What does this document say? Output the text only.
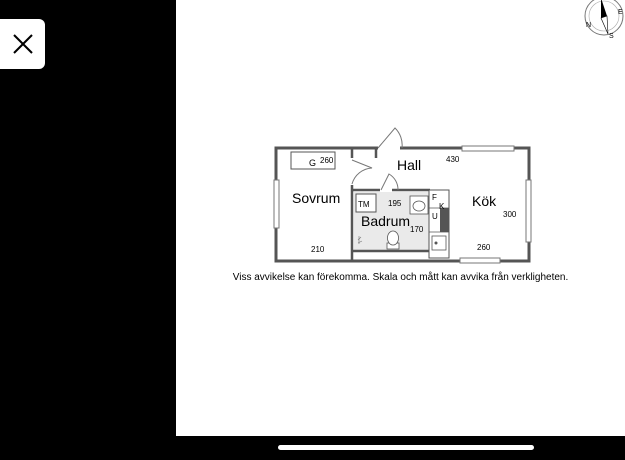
N
E
S
Sovrum
Hall
Kök
Badrum
G
TM
F
K
U
260	430
195
300
170
210	260
Viss avvikelse kan förekomma. Skala och mått kan avvika från verkligheten.
